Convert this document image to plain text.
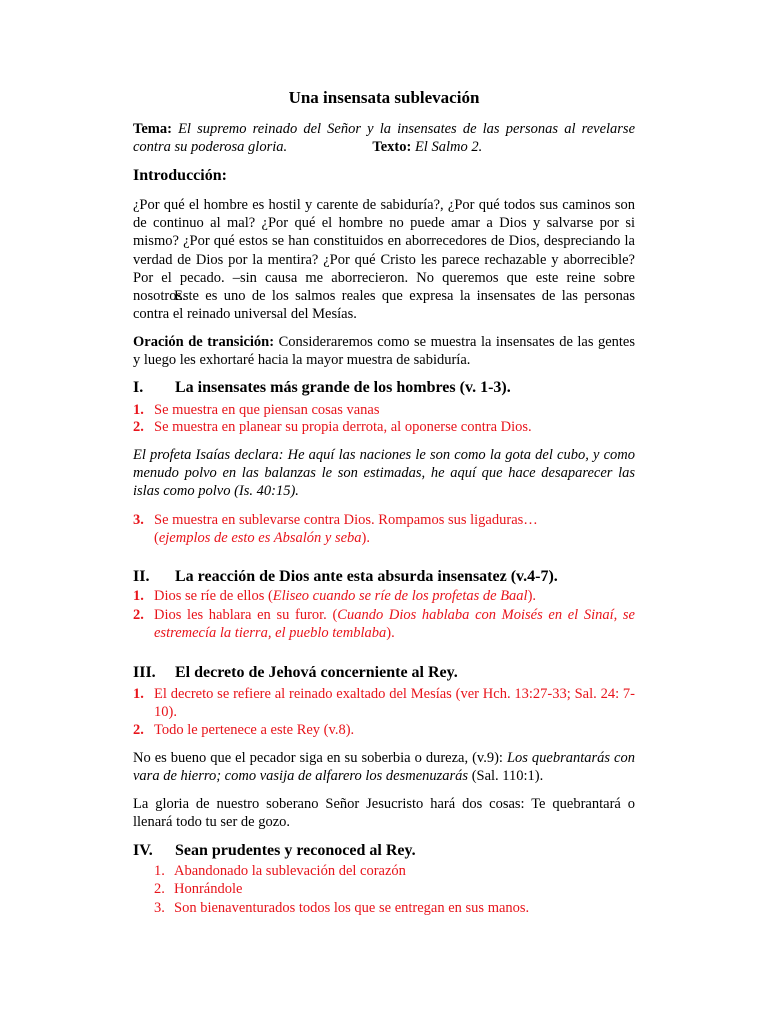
Una insensata sublevación
Tema: El supremo reinado del Señor y la insensates de las personas al revelarse contra su poderosa gloria.	Texto: El Salmo 2.
Introducción:
¿Por qué el hombre es hostil y carente de sabiduría?, ¿Por qué todos sus caminos son de continuo al mal? ¿Por qué el hombre no puede amar a Dios y salvarse por si mismo? ¿Por qué estos se han constituidos en aborrecedores de Dios, despreciando la verdad de Dios por la mentira? ¿Por qué Cristo les parece rechazable y aborrecible? Por el pecado. –sin causa me aborrecieron. No queremos que este reine sobre nosotros.
Este es uno de los salmos reales que expresa la insensates de las personas contra el reinado universal del Mesías.
Oración de transición: Consideraremos como se muestra la insensates de las gentes y luego les exhortaré hacia la mayor muestra de sabiduría.
I. La insensates más grande de los hombres (v. 1-3).
1. Se muestra en que piensan cosas vanas
2. Se muestra en planear su propia derrota, al oponerse contra Dios.
El profeta Isaías declara: He aquí las naciones le son como la gota del cubo, y como menudo polvo en las balanzas le son estimadas, he aquí que hace desaparecer las islas como polvo (Is. 40:15).
3. Se muestra en sublevarse contra Dios. Rompamos sus ligaduras…
(ejemplos de esto es Absalón y seba).
II. La reacción de Dios ante esta absurda insensatez (v.4-7).
1. Dios se ríe de ellos (Eliseo cuando se ríe de los profetas de Baal).
2. Dios les hablara en su furor. (Cuando Dios hablaba con Moisés en el Sinaí, se estremecía la tierra, el pueblo temblaba).
III. El decreto de Jehová concerniente al Rey.
1. El decreto se refiere al reinado exaltado del Mesías (ver Hch. 13:27-33; Sal. 24: 7-10).
2. Todo le pertenece a este Rey (v.8).
No es bueno que el pecador siga en su soberbia o dureza, (v.9): Los quebrantarás con vara de hierro; como vasija de alfarero los desmenuzarás (Sal. 110:1).
La gloria de nuestro soberano Señor Jesucristo hará dos cosas: Te quebrantará o llenará todo tu ser de gozo.
IV. Sean prudentes y reconoced al Rey.
1. Abandonado la sublevación del corazón
2. Honrándole
3. Son bienaventurados todos los que se entregan en sus manos.
